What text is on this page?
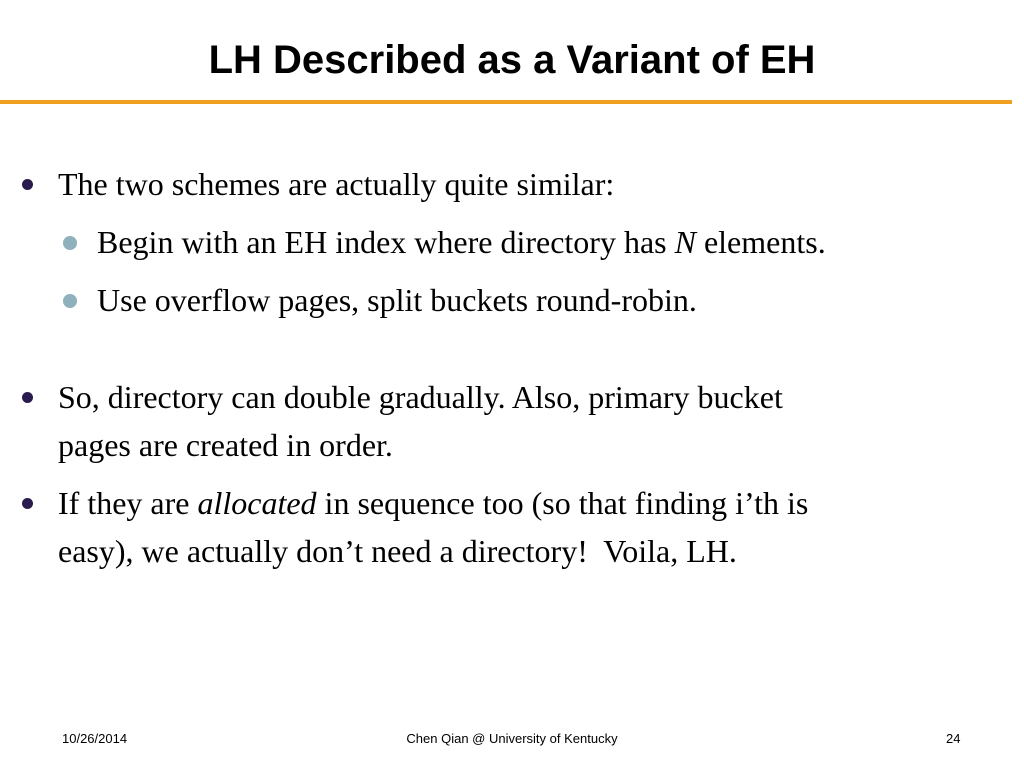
LH Described as a Variant of EH
The two schemes are actually quite similar:
Begin with an EH index where directory has N elements.
Use overflow pages, split buckets round-robin.
So, directory can double gradually. Also, primary bucket
pages are created in order.
If they are allocated in sequence too (so that finding i’th is
easy), we actually don’t need a directory!  Voila, LH.
10/26/2014	Chen Qian @ University of Kentucky	24
